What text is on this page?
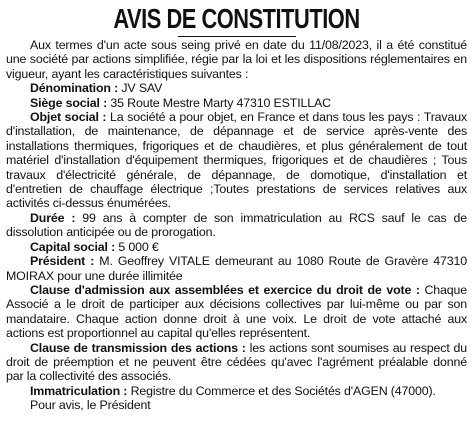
AVIS DE CONSTITUTION

Aux termes d'un acte sous seing privé en date du 11/08/2023, il a été constitué une société par actions simplifiée, régie par la loi et les dispositions réglementaires en vigueur, ayant les caractéristiques suivantes :

Dénomination : JV SAV

Siège social : 35 Route Mestre Marty 47310 ESTILLAC

Objet social : La société a pour objet, en France et dans tous les pays : Travaux d'installation, de maintenance, de dépannage et de service après-vente des installations thermiques, frigoriques et de chaudières, et plus généralement de tout matériel d'installation d'équipement thermiques, frigoriques et de chaudières ; Tous travaux d'électricité générale, de dépannage, de domotique, d'installation et d'entretien de chauffage électrique ;Toutes prestations de services relatives aux activités ci-dessus énumérées.

Durée : 99 ans à compter de son immatriculation au RCS sauf le cas de dissolution anticipée ou de prorogation.

Capital social : 5 000 €

Président : M. Geoffrey VITALE demeurant au 1080 Route de Gravère 47310 MOIRAX pour une durée illimitée

Clause d'admission aux assemblées et exercice du droit de vote : Chaque Associé a le droit de participer aux décisions collectives par lui-même ou par son mandataire. Chaque action donne droit à une voix. Le droit de vote attaché aux actions est proportionnel au capital qu'elles représentent.

Clause de transmission des actions : les actions sont soumises au respect du droit de préemption et ne peuvent être cédées qu'avec l'agrément préalable donné par la collectivité des associés.

Immatriculation : Registre du Commerce et des Sociétés d'AGEN (47000).

Pour avis, le Président
